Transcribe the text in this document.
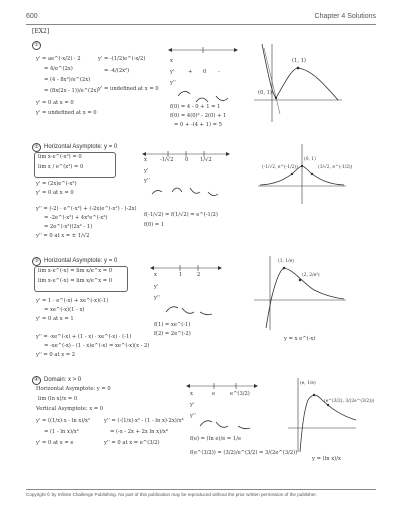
600	Chapter 4 Solutions
[EX2]
①
y' = ae^(-x/2) · 2
= 4/e^(2x)
= (4 - 8x²)/e^(2x)
= (8x(2x - 1))/e^(2x)
y' = 0 at x = 0
y' = undefined at x = 0
y' = -(1/2)e^(-x/2)
= -4/(2x²)
y' = undefined at x = 0
x
y'
y''
+ 0 -
f(0) = 4 - 0 + 1 = 1
f(0) = 4(0)² - 2(0) + 1
= 0 + -(4 + 1) = 5
(1, 1)
(0, 1)
② Horizontal Asymptote: y = 0
lim x·e^(-x²) = 0
lim x / e^(x²) = 0
y' = (2x)e^(-x²)
y' = 0 at x = 0
y'' = (-2) · e^(-x²) + (-2x)e^(-x²) · (-2x)
= -2e^(-x²) + 4x²e^(-x²)
= 2e^(-x²)(2x² - 1)
y'' = 0 at x = ± 1/√2
x	-1/√2 0 1/√2
y'
y''
f(-1/√2) = f(1/√2) = e^(-1/2)
f(0) = 1
(-1/√2, e^(-1/2))
(0, 1)
(1/√2, e^(-1/2))
③ Horizontal Asymptote: y = 0
lim x·e^(-x) = lim x/e^x = 0
lim x·e^(-x) = lim x/e^x = 0
y' = 1 · e^(-x) + xe^(-x)(-1)
= xe^(-x)(1 - x)
y' = 0 at x = 1
y'' = -xe^(-x) + (1 - x) · xe^(-x) · (-1)
= -xe^(-x) - (1 - x)e^(-x) = xe^(-x)(x - 2)
y'' = 0 at x = 2
x	1	2
y'
y''
f(1) = xe^(-1)
f(2) = 2e^(-2)
(1, 1/e)
(2, 2/e²)
y = x e^(-x)
④ Domain: x > 0
Horizontal Asymptote: y = 0
lim (ln x)/x = 0
Vertical Asymptote: x = 0
y' = ((1/x)·x - ln x)/x²
= (1 - ln x)/x²
y' = 0 at x = e
y'' = (-(1/x)·x² - (1 - ln x)·2x)/x⁴
= (-x - 2x + 2x ln x)/x⁴
y'' = 0 at x = e^(3/2)
x	e	e^(3/2)
y'
y''
f(e) = (ln e)/e = 1/e
f(e^(3/2)) = (3/2)/e^(3/2) = 3/(2e^(3/2))
(e, 1/e)
(e^(3/2), 3/(2e^(3/2)))
y = (ln x)/x
Copyright © by Infinite Challenge Publishing. No part of this publication may be reproduced without the prior written permission of the publisher.
